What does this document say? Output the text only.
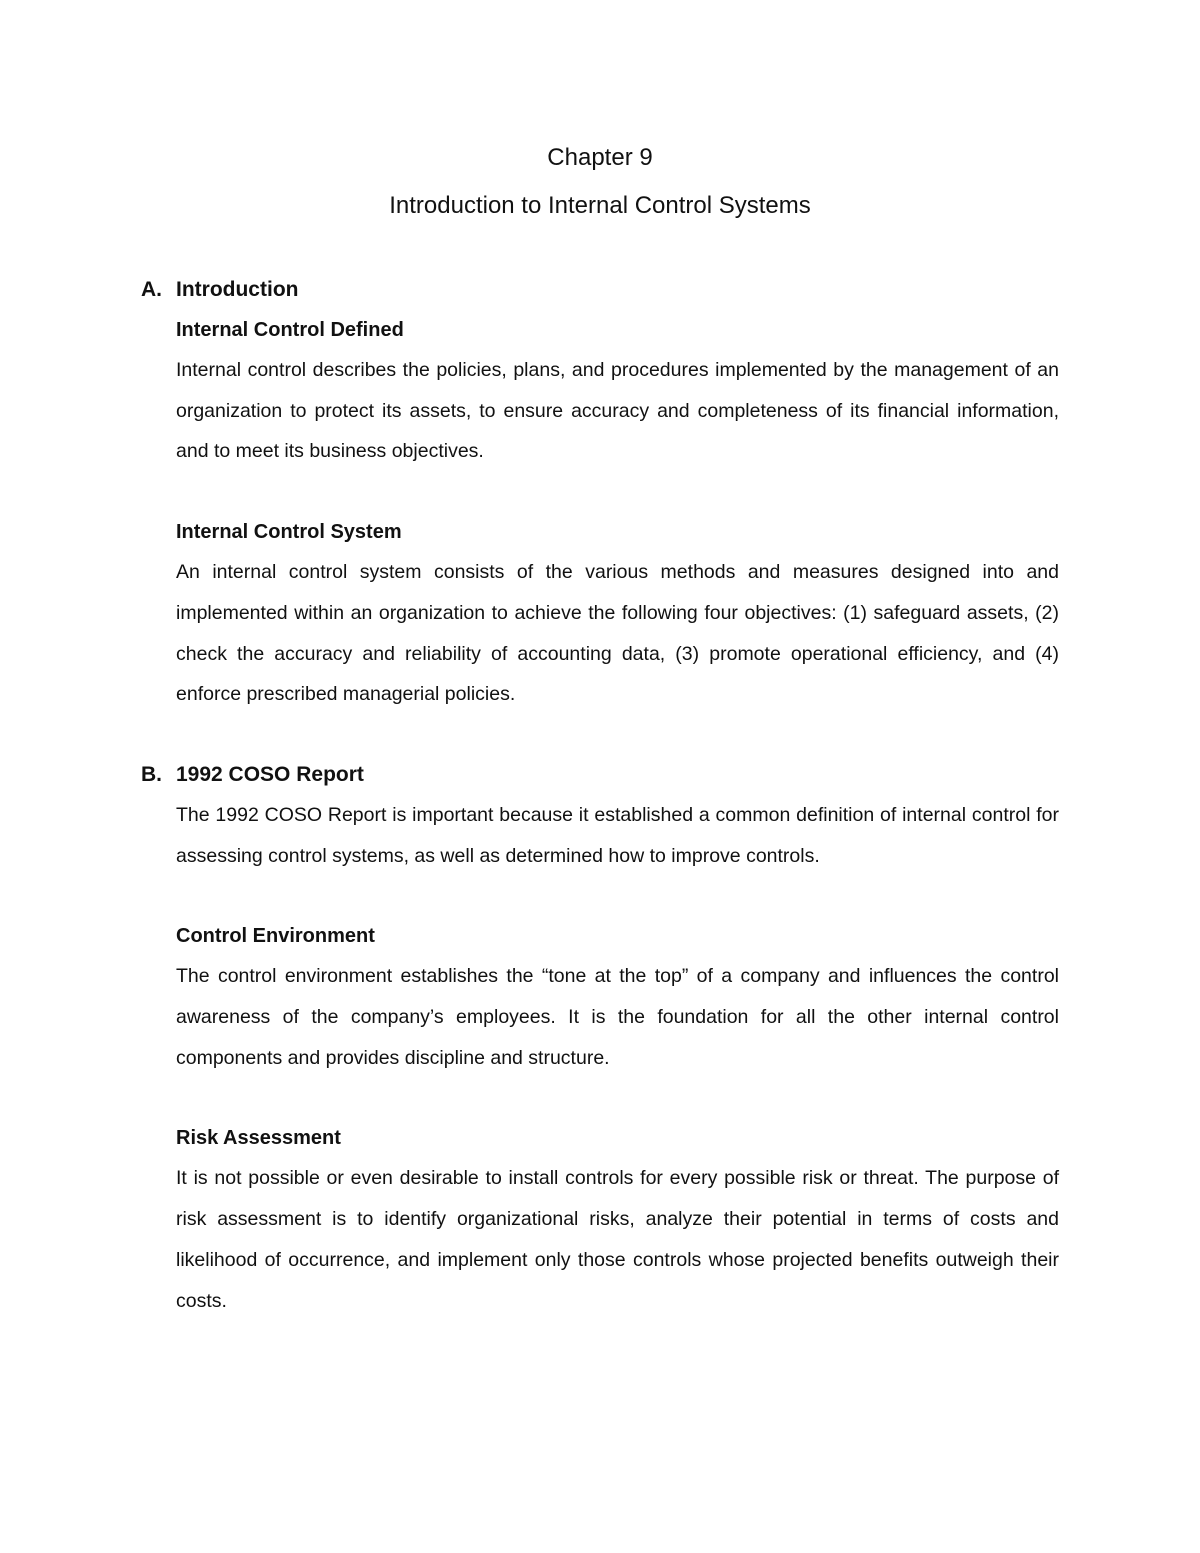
Chapter 9
Introduction to Internal Control Systems
A. Introduction

Internal Control Defined

Internal control describes the policies, plans, and procedures implemented by the management of an organization to protect its assets, to ensure accuracy and completeness of its financial information, and to meet its business objectives.

Internal Control System

An internal control system consists of the various methods and measures designed into and implemented within an organization to achieve the following four objectives: (1) safeguard assets, (2) check the accuracy and reliability of accounting data, (3) promote operational efficiency, and (4) enforce prescribed managerial policies.

B. 1992 COSO Report

The 1992 COSO Report is important because it established a common definition of internal control for assessing control systems, as well as determined how to improve controls.

Control Environment

The control environment establishes the “tone at the top” of a company and influences the control awareness of the company’s employees. It is the foundation for all the other internal control components and provides discipline and structure.

Risk Assessment

It is not possible or even desirable to install controls for every possible risk or threat. The purpose of risk assessment is to identify organizational risks, analyze their potential in terms of costs and likelihood of occurrence, and implement only those controls whose projected benefits outweigh their costs.
